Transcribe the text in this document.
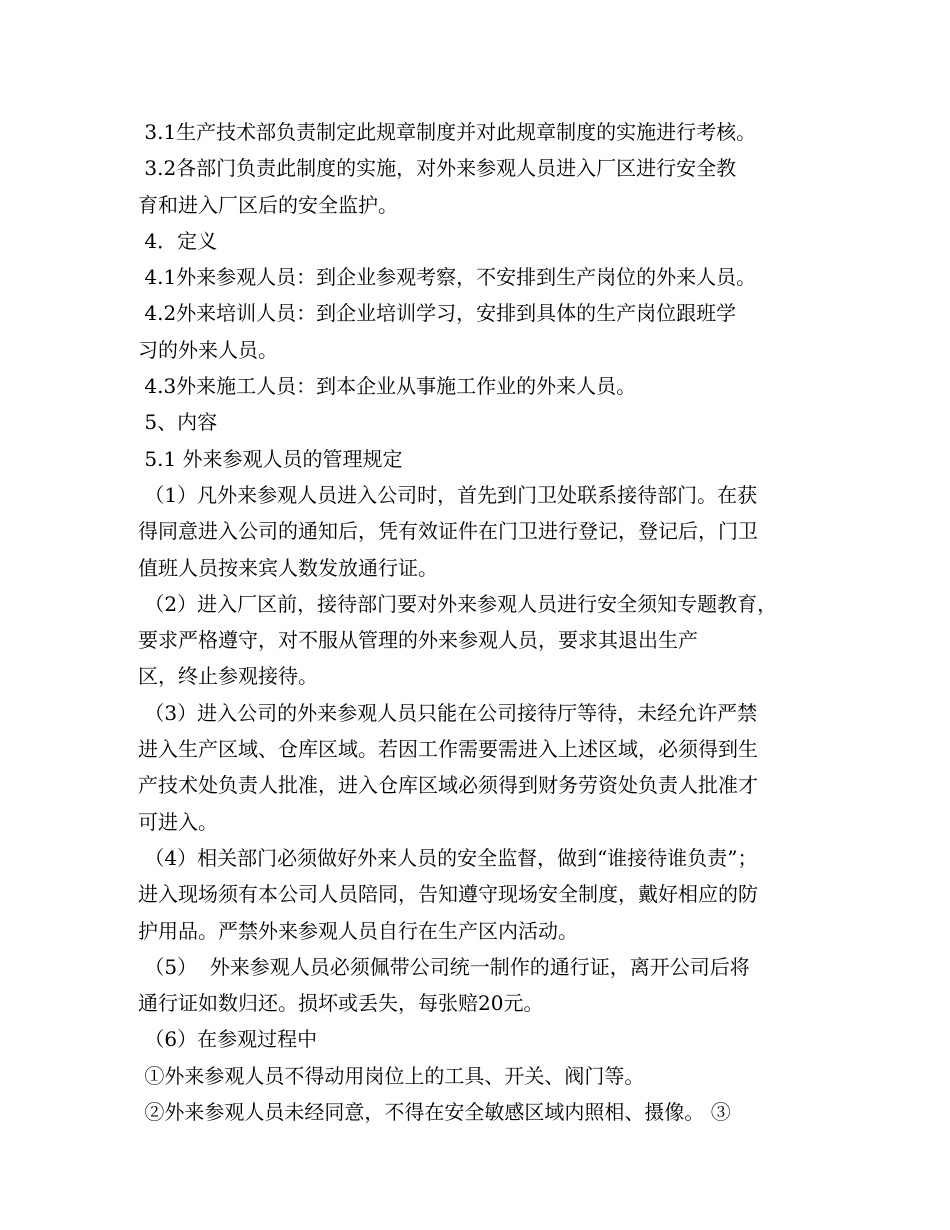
3.1生产技术部负责制定此规章制度并对此规章制度的实施进行考核。
3.2各部门负责此制度的实施，对外来参观人员进入厂区进行安全教
育和进入厂区后的安全监护。
4．定义
4.1外来参观人员：到企业参观考察，不安排到生产岗位的外来人员。
4.2外来培训人员：到企业培训学习，安排到具体的生产岗位跟班学
习的外来人员。
4.3外来施工人员：到本企业从事施工作业的外来人员。
5、内容
5.1 外来参观人员的管理规定
（1）凡外来参观人员进入公司时，首先到门卫处联系接待部门。在获
得同意进入公司的通知后，凭有效证件在门卫进行登记，登记后，门卫
值班人员按来宾人数发放通行证。
（2）进入厂区前，接待部门要对外来参观人员进行安全须知专题教育，
要求严格遵守，对不服从管理的外来参观人员，要求其退出生产
区，终止参观接待。
（3）进入公司的外来参观人员只能在公司接待厅等待，未经允许严禁
进入生产区域、仓库区域。若因工作需要需进入上述区域，必须得到生
产技术处负责人批准，进入仓库区域必须得到财务劳资处负责人批准才
可进入。
（4）相关部门必须做好外来人员的安全监督，做到“谁接待谁负责”；
进入现场须有本公司人员陪同，告知遵守现场安全制度，戴好相应的防
护用品。严禁外来参观人员自行在生产区内活动。
（5）  外来参观人员必须佩带公司统一制作的通行证，离开公司后将
通行证如数归还。损坏或丢失，每张赔20元。
（6）在参观过程中
①外来参观人员不得动用岗位上的工具、开关、阀门等。
②外来参观人员未经同意，不得在安全敏感区域内照相、摄像。 ③
